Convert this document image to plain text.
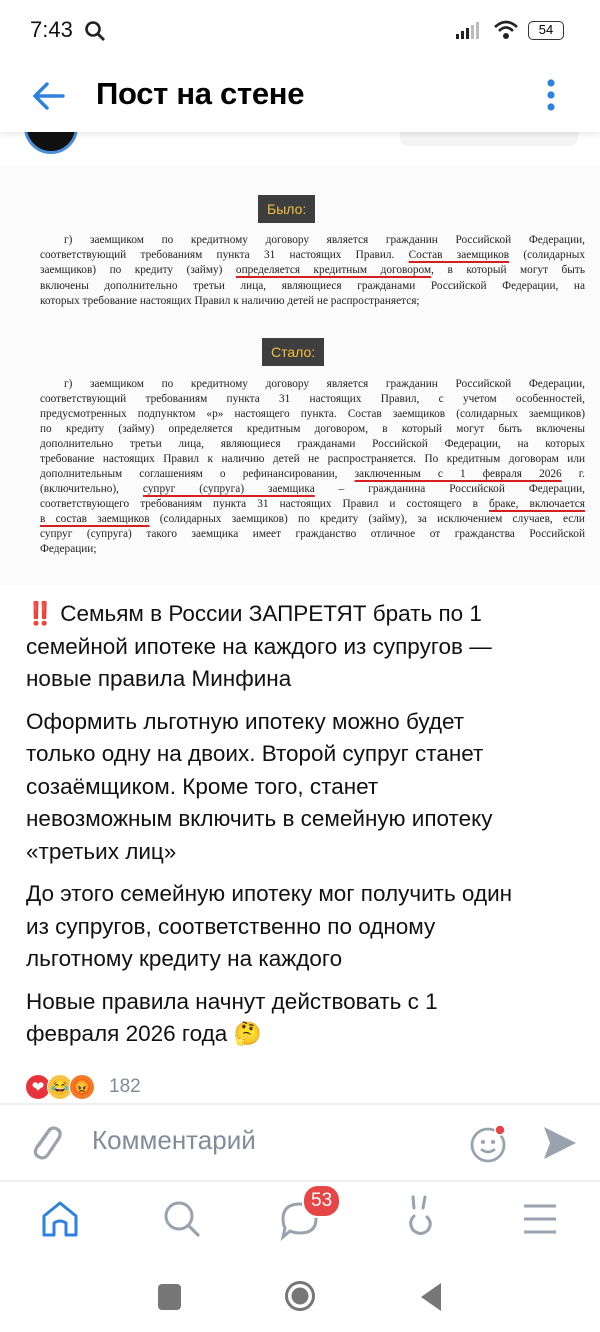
7:43	54
Пост на стене
Было:
г) заемщиком по кредитному договору является гражданин Российской Федерации,
соответствующий требованиям пункта 31 настоящих Правил. Состав заемщиков (солидарных
заемщиков) по кредиту (займу) определяется кредитным договором, в который могут быть
включены дополнительно третьи лица, являющиеся гражданами Российской Федерации, на
которых требование настоящих Правил к наличию детей не распространяется;
Стало:
г) заемщиком по кредитному договору является гражданин Российской Федерации,
соответствующий требованиям пункта 31 настоящих Правил, с учетом особенностей,
предусмотренных подпунктом «р» настоящего пункта. Состав заемщиков (солидарных заемщиков)
по кредиту (займу) определяется кредитным договором, в который могут быть включены
дополнительно третьи лица, являющиеся гражданами Российской Федерации, на которых
требование настоящих Правил к наличию детей не распространяется. По кредитным договорам или
дополнительным соглашениям о рефинансировании, заключенным с 1 февраля 2026 г.
(включительно), супруг (супруга) заемщика – гражданина Российской Федерации,
соответствующего требованиям пункта 31 настоящих Правил и состоящего в браке, включается
в состав заемщиков (солидарных заемщиков) по кредиту (займу), за исключением случаев, если
супруг (супруга) такого заемщика имеет гражданство отличное от гражданства Российской
Федерации;
‼️ Семьям в России ЗАПРЕТЯТ брать по 1
семейной ипотеке на каждого из супругов —
новые правила Минфина
Оформить льготную ипотеку можно будет
только одну на двоих. Второй супруг станет
созаёмщиком. Кроме того, станет
невозможным включить в семейную ипотеку
«третьих лиц»
До этого семейную ипотеку мог получить один
из супругов, соответственно по одному
льготному кредиту на каждого
Новые правила начнут действовать с 1
февраля 2026 года 🤔
❤ 😂 😡 182
Комментарий
53
